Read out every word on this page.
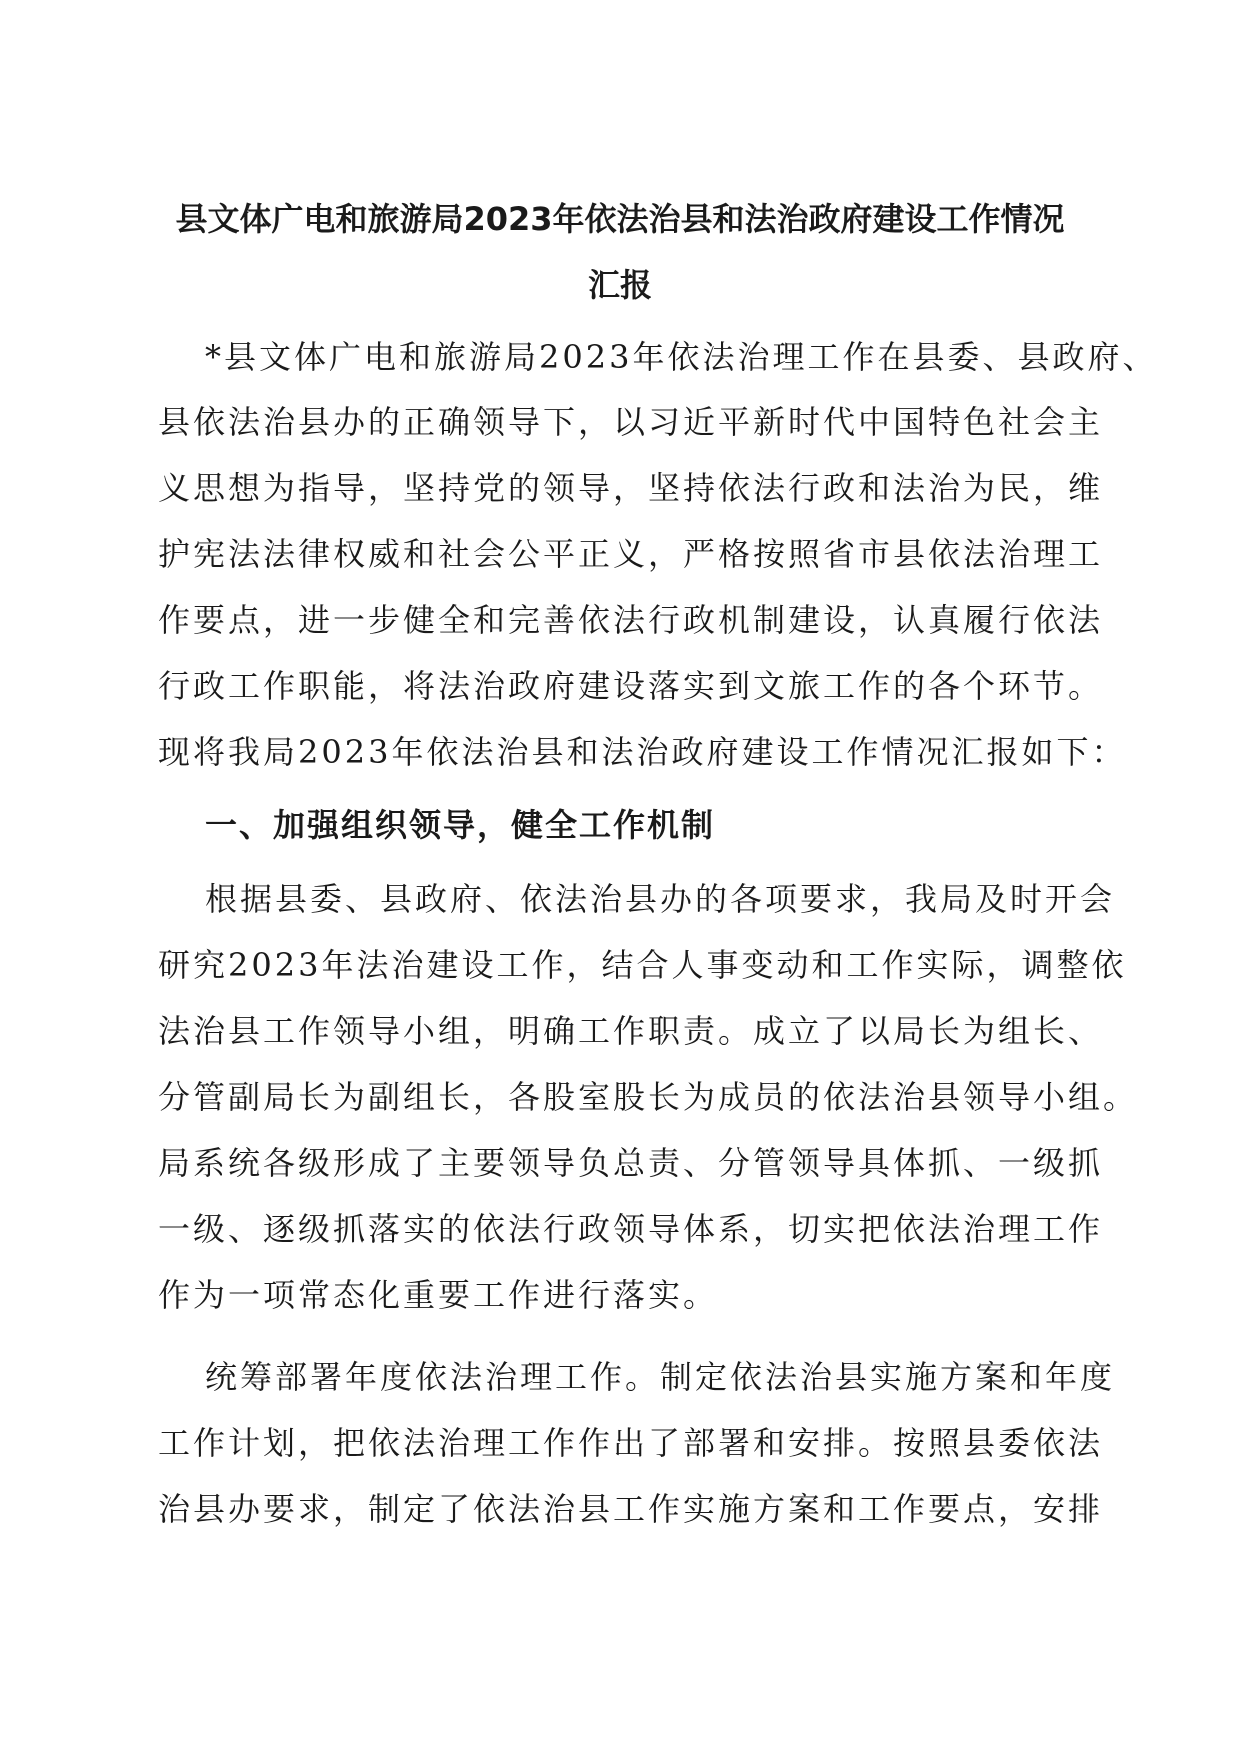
县文体广电和旅游局2023年依法治县和法治政府建设工作情况
汇报
*县文体广电和旅游局2023年依法治理工作在县委、县政府、
县依法治县办的正确领导下，以习近平新时代中国特色社会主
义思想为指导，坚持党的领导，坚持依法行政和法治为民，维
护宪法法律权威和社会公平正义，严格按照省市县依法治理工
作要点，进一步健全和完善依法行政机制建设，认真履行依法
行政工作职能，将法治政府建设落实到文旅工作的各个环节。
现将我局2023年依法治县和法治政府建设工作情况汇报如下：
一、加强组织领导，健全工作机制
根据县委、县政府、依法治县办的各项要求，我局及时开会
研究2023年法治建设工作，结合人事变动和工作实际，调整依
法治县工作领导小组，明确工作职责。成立了以局长为组长、
分管副局长为副组长，各股室股长为成员的依法治县领导小组。
局系统各级形成了主要领导负总责、分管领导具体抓、一级抓
一级、逐级抓落实的依法行政领导体系，切实把依法治理工作
作为一项常态化重要工作进行落实。
统筹部署年度依法治理工作。制定依法治县实施方案和年度
工作计划，把依法治理工作作出了部署和安排。按照县委依法
治县办要求，制定了依法治县工作实施方案和工作要点，安排
